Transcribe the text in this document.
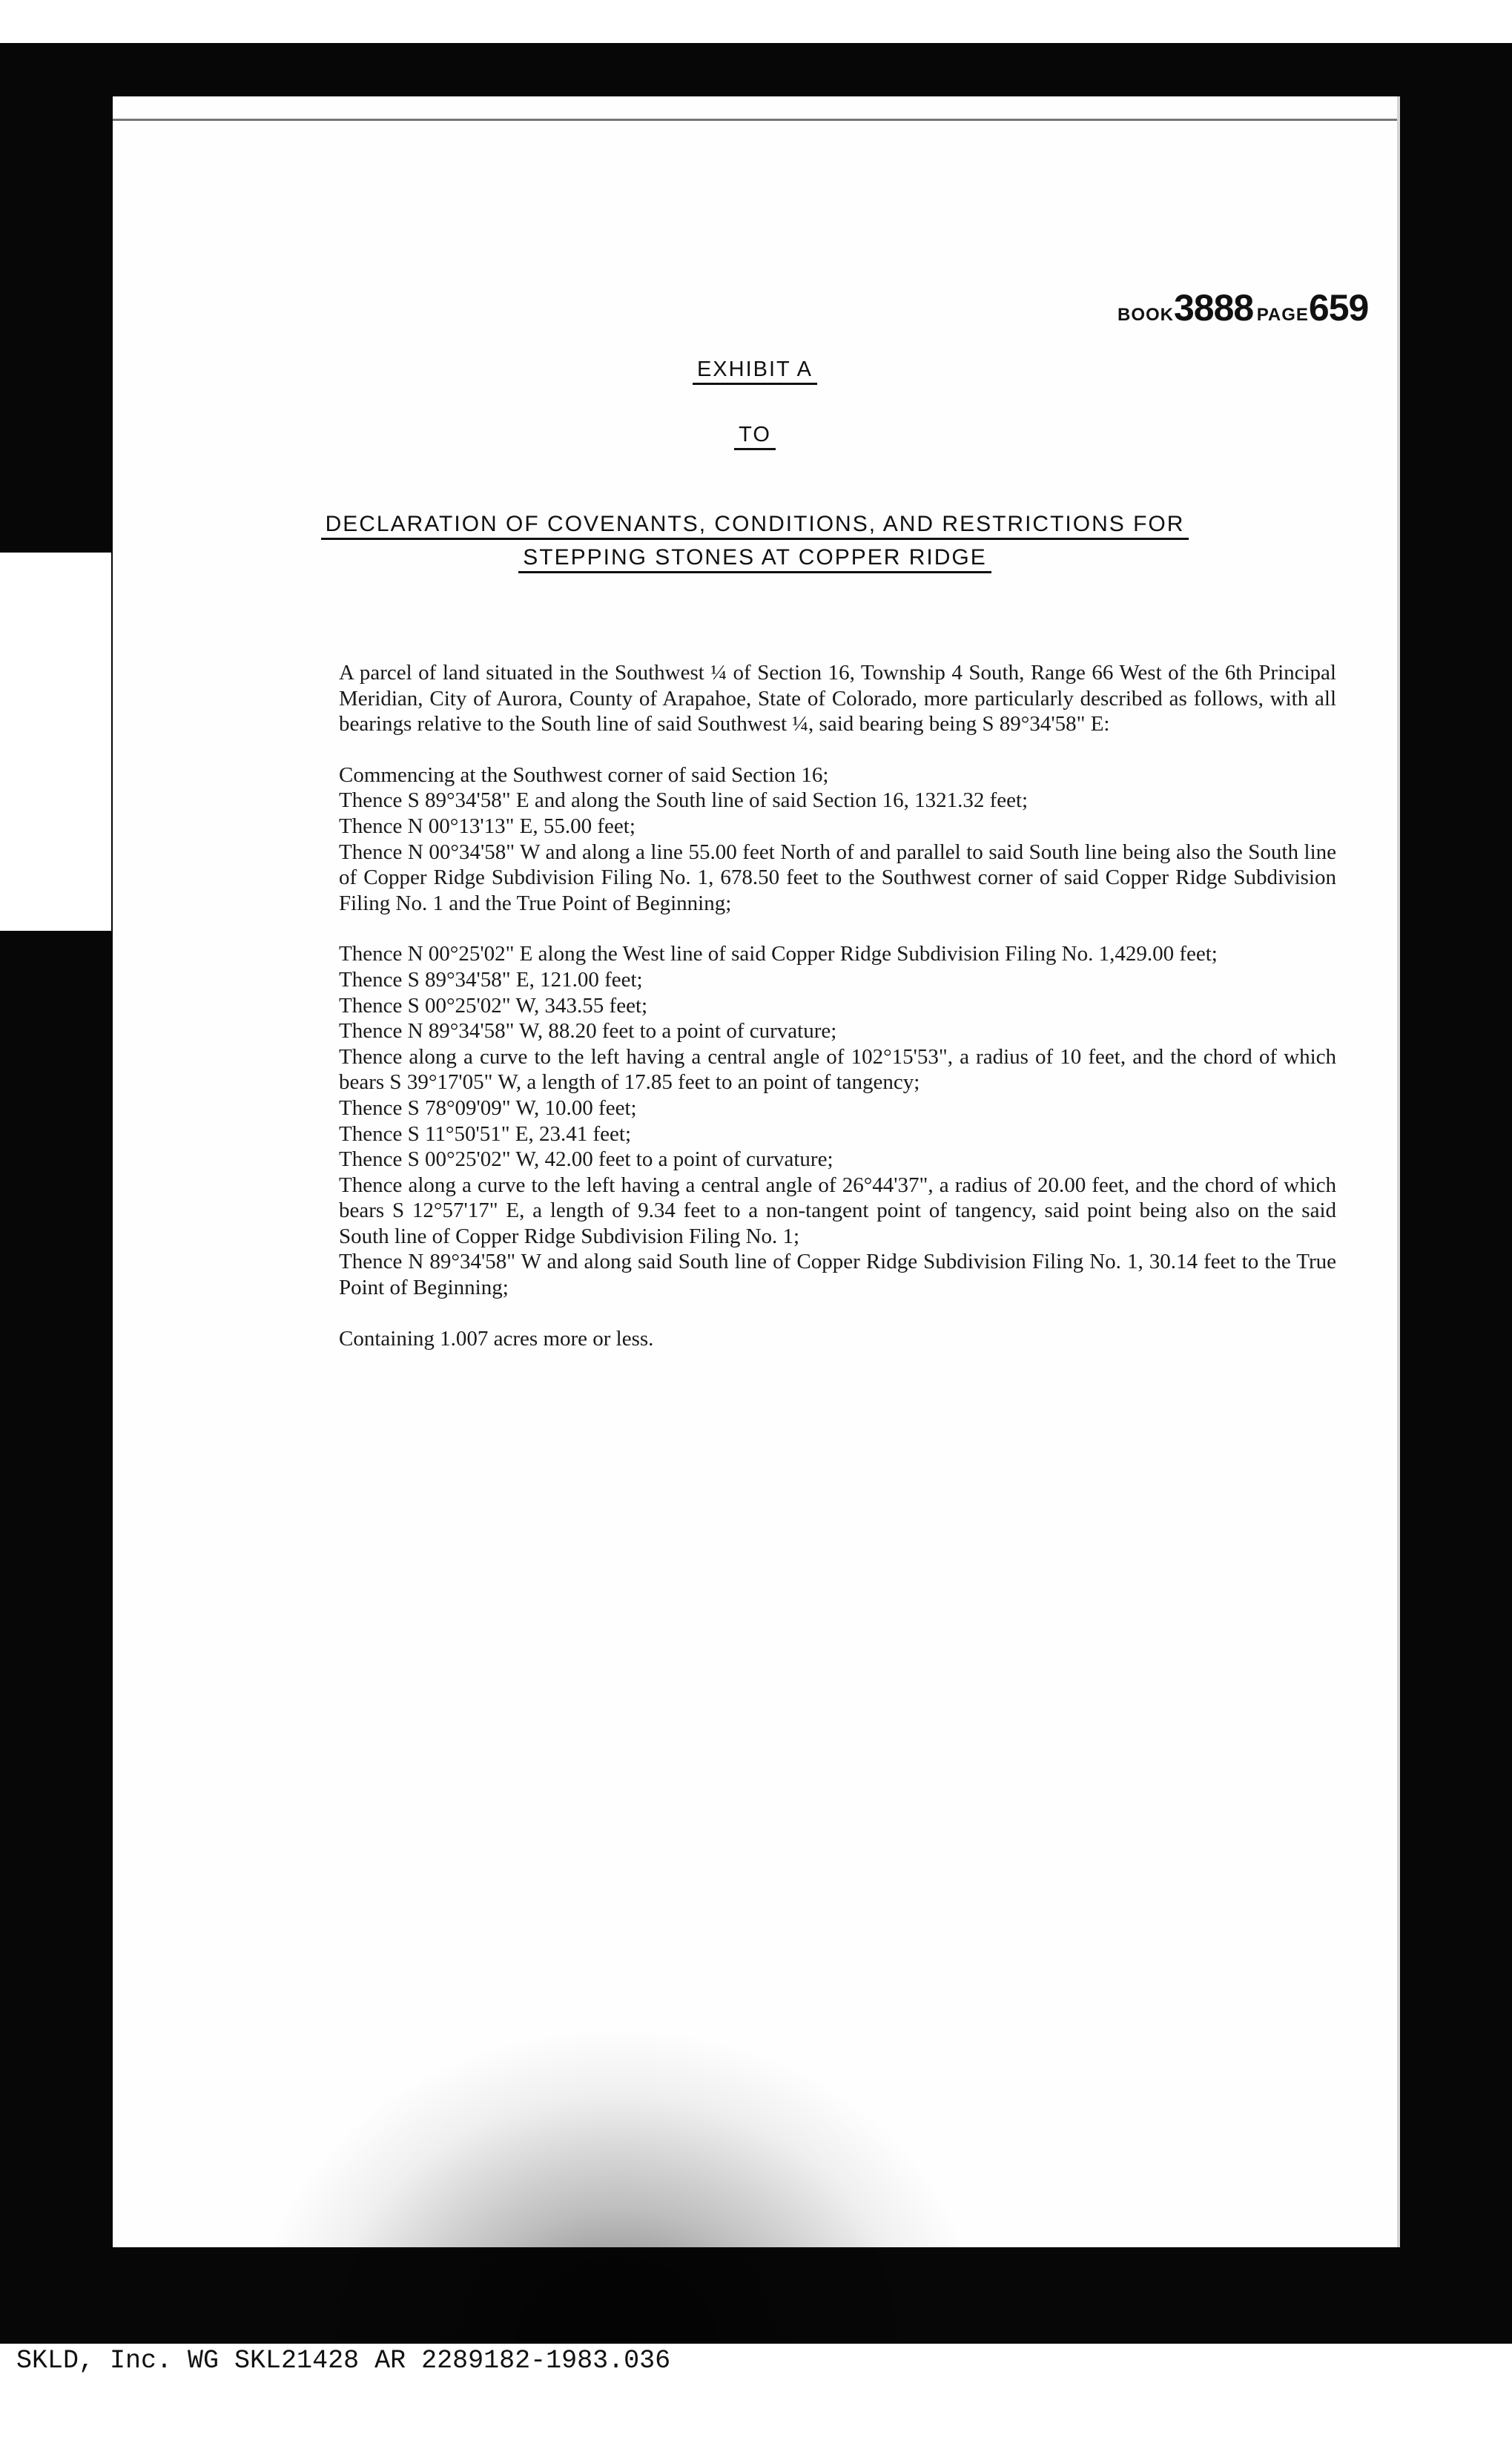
BOOK3888 PAGE659
EXHIBIT A
TO
DECLARATION OF COVENANTS, CONDITIONS, AND RESTRICTIONS FOR
STEPPING STONES AT COPPER RIDGE

A parcel of land situated in the Southwest ¼ of Section 16, Township 4 South, Range 66 West of the 6th Principal Meridian, City of Aurora, County of Arapahoe, State of Colorado, more particularly described as follows, with all bearings relative to the South line of said Southwest ¼, said bearing being S 89°34'58" E:

Commencing at the Southwest corner of said Section 16;

Thence S 89°34'58" E and along the South line of said Section 16, 1321.32 feet;

Thence N 00°13'13" E, 55.00 feet;

Thence N 00°34'58" W and along a line 55.00 feet North of and parallel to said South line being also the South line of Copper Ridge Subdivision Filing No. 1, 678.50 feet to the Southwest corner of said Copper Ridge Subdivision Filing No. 1 and the True Point of Beginning;

Thence N 00°25'02" E along the West line of said Copper Ridge Subdivision Filing No. 1,429.00 feet;

Thence S 89°34'58" E, 121.00 feet;

Thence S 00°25'02" W, 343.55 feet;

Thence N 89°34'58" W, 88.20 feet to a point of curvature;

Thence along a curve to the left having a central angle of 102°15'53", a radius of 10 feet, and the chord of which bears S 39°17'05" W, a length of 17.85 feet to an point of tangency;

Thence S 78°09'09" W, 10.00 feet;

Thence S 11°50'51" E, 23.41 feet;

Thence S 00°25'02" W, 42.00 feet to a point of curvature;

Thence along a curve to the left having a central angle of 26°44'37", a radius of 20.00 feet, and the chord of which bears S 12°57'17" E, a length of 9.34 feet to a non-tangent point of tangency, said point being also on the said South line of Copper Ridge Subdivision Filing No. 1;

Thence N 89°34'58" W and along said South line of Copper Ridge Subdivision Filing No. 1, 30.14 feet to the True Point of Beginning;

Containing 1.007 acres more or less.

SKLD, Inc. WG SKL21428 AR 2289182-1983.036
